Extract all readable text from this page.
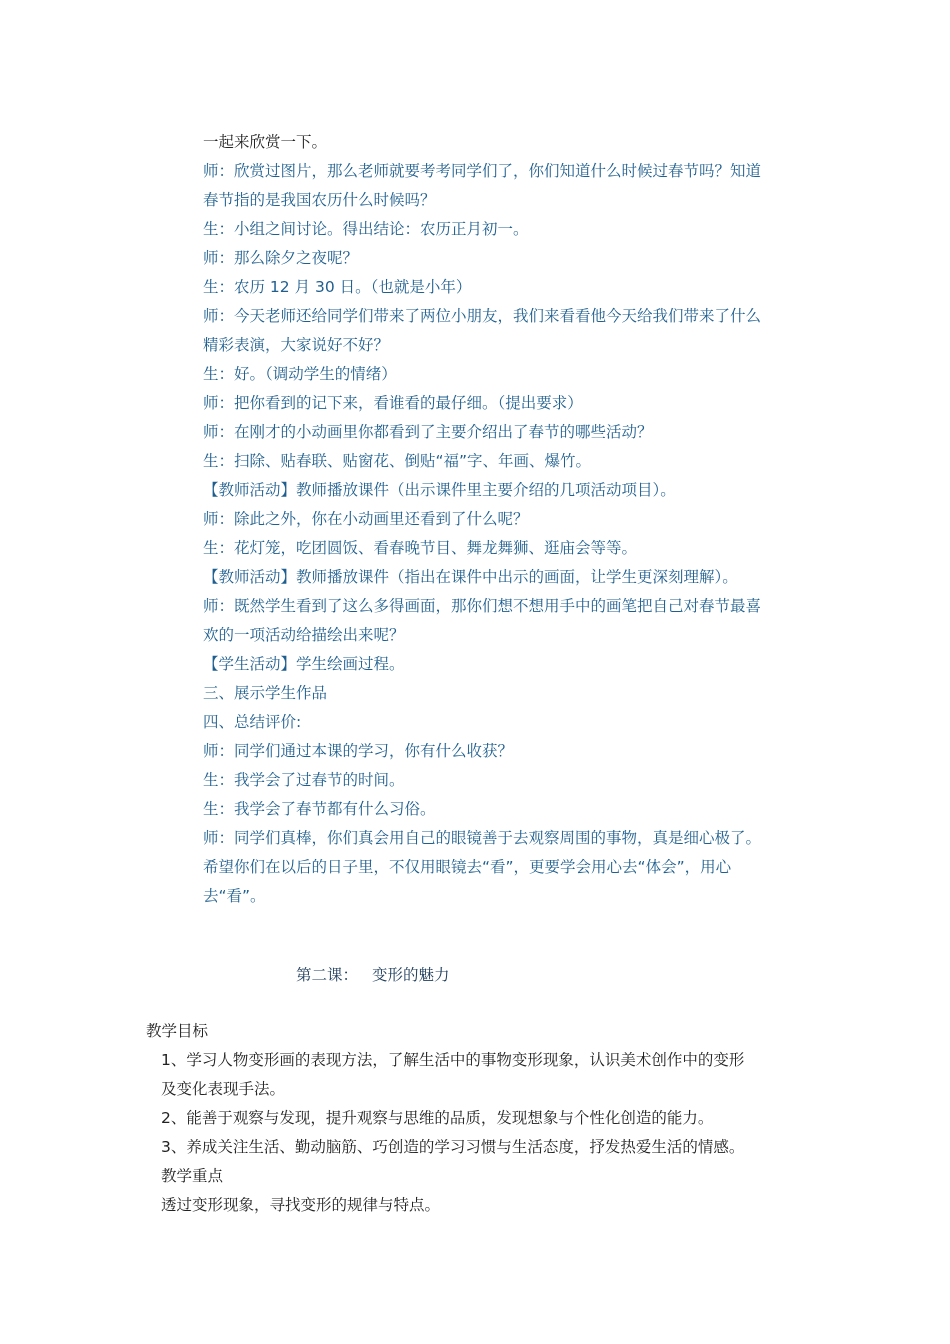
一起来欣赏一下。
师：欣赏过图片，那么老师就要考考同学们了，你们知道什么时候过春节吗？知道
春节指的是我国农历什么时候吗？
生：小组之间讨论。得出结论：农历正月初一。
师：那么除夕之夜呢？
生：农历 12 月 30 日。（也就是小年）
师：今天老师还给同学们带来了两位小朋友，我们来看看他今天给我们带来了什么
精彩表演，大家说好不好？
生：好。（调动学生的情绪）
师：把你看到的记下来，看谁看的最仔细。（提出要求）
师：在刚才的小动画里你都看到了主要介绍出了春节的哪些活动？
生：扫除、贴春联、贴窗花、倒贴“福”字、年画、爆竹。
【教师活动】教师播放课件（出示课件里主要介绍的几项活动项目）。
师：除此之外，你在小动画里还看到了什么呢？
生：花灯笼，吃团圆饭、看春晚节目、舞龙舞狮、逛庙会等等。
【教师活动】教师播放课件（指出在课件中出示的画面，让学生更深刻理解）。
师：既然学生看到了这么多得画面，那你们想不想用手中的画笔把自己对春节最喜
欢的一项活动给描绘出来呢？
【学生活动】学生绘画过程。
三、展示学生作品
四、总结评价:
师：同学们通过本课的学习，你有什么收获？
生：我学会了过春节的时间。
生：我学会了春节都有什么习俗。
师：同学们真棒，你们真会用自己的眼镜善于去观察周围的事物，真是细心极了。
希望你们在以后的日子里，不仅用眼镜去“看”，更要学会用心去“体会”，用心
去“看”。
第二课： 变形的魅力
教学目标
1、学习人物变形画的表现方法，了解生活中的事物变形现象，认识美术创作中的变形
及变化表现手法。
2、能善于观察与发现，提升观察与思维的品质，发现想象与个性化创造的能力。
3、养成关注生活、勤动脑筋、巧创造的学习习惯与生活态度，抒发热爱生活的情感。
教学重点
透过变形现象，寻找变形的规律与特点。
